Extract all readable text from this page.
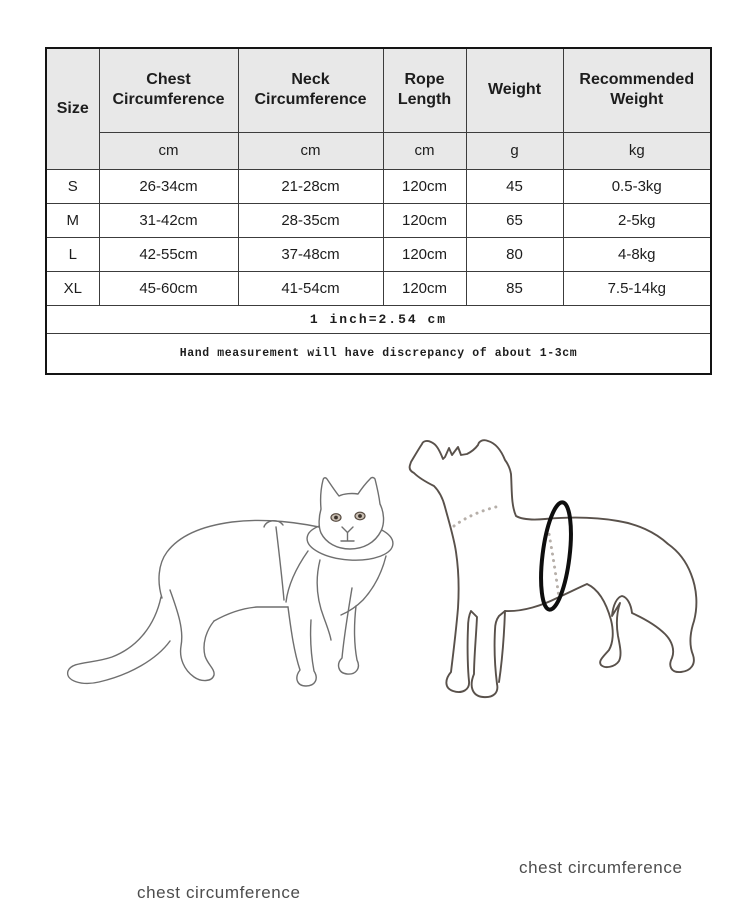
Size	Chest Circumference	Neck Circumference	Rope Length	Weight	Recommended Weight
	cm	cm	cm	g	kg
S	26-34cm	21-28cm	120cm	45	0.5-3kg
M	31-42cm	28-35cm	120cm	65	2-5kg
L	42-55cm	37-48cm	120cm	80	4-8kg
XL	45-60cm	41-54cm	120cm	85	7.5-14kg
1 inch=2.54 cm					
Hand measurement will have discrepancy of about 1-3cm					
chest circumference
chest circumference
